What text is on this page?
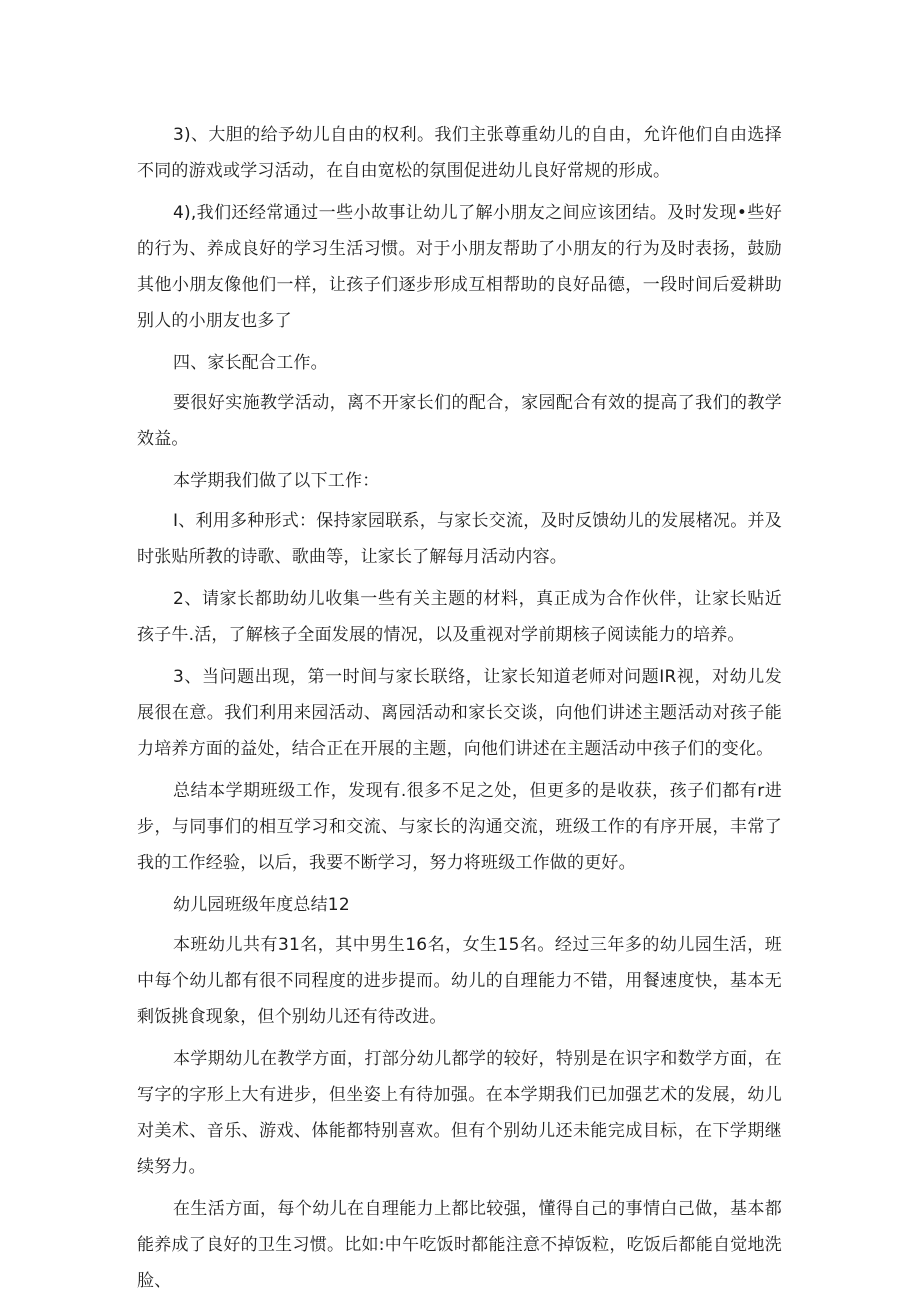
3)、大胆的给予幼儿自由的权利。我们主张尊重幼儿的自由，允许他们自由选择不同的游戏或学习活动，在自由宽松的氛围促进幼儿良好常规的形成。

4),我们还经常通过一些小故事让幼儿了解小朋友之间应该团结。及时发现•些好的行为、养成良好的学习生活习惯。对于小朋友帮助了小朋友的行为及时表扬，鼓励其他小朋友像他们一样，让孩子们逐步形成互相帮助的良好品德，一段时间后爱耕助别人的小朋友也多了

四、家长配合工作。

要很好实施教学活动，离不开家长们的配合，家园配合有效的提高了我们的教学效益。

本学期我们做了以下工作：

I、利用多种形式：保持家园联系，与家长交流，及时反馈幼儿的发展楮况。并及时张贴所教的诗歌、歌曲等，让家长了解每月活动内容。

2、请家长都助幼儿收集一些有关主题的材料，真正成为合作伙伴，让家长贴近孩子牛.活，了解核子全面发展的情况，以及重视对学前期核子阅读能力的培养。

3、当问题出现，第一时间与家长联络，让家长知道老师对问题IR视，对幼儿发展很在意。我们利用来园活动、离园活动和家长交谈，向他们讲述主题活动对孩子能力培养方面的益处，结合正在开展的主题，向他们讲述在主题活动中孩子们的变化。

总结本学期班级工作，发现有.很多不足之处，但更多的是收获，孩子们都有r进步，与同事们的相互学习和交流、与家长的沟通交流，班级工作的有序开展，丰常了我的工作经验，以后，我要不断学习，努力将班级工作做的更好。

幼儿园班级年度总结12

本班幼儿共有31名，其中男生16名，女生15名。经过三年多的幼儿园生活，班中每个幼儿都有很不同程度的进步提而。幼儿的自理能力不错，用餐速度快，基本无剩饭挑食现象，但个别幼儿还有待改进。

本学期幼儿在教学方面，打部分幼儿都学的较好，特别是在识字和数学方面，在写字的字形上大有进步，但坐姿上有待加强。在本学期我们已加强艺术的发展，幼儿对美术、音乐、游戏、体能都特别喜欢。但有个别幼儿还未能完成目标，在下学期继续努力。

在生活方面，每个幼儿在自理能力上都比较强，懂得自己的事情白己做，基本都能养成了良好的卫生习惯。比如:中午吃饭时都能注意不掉饭粒，吃饭后都能自觉地洗脸、
